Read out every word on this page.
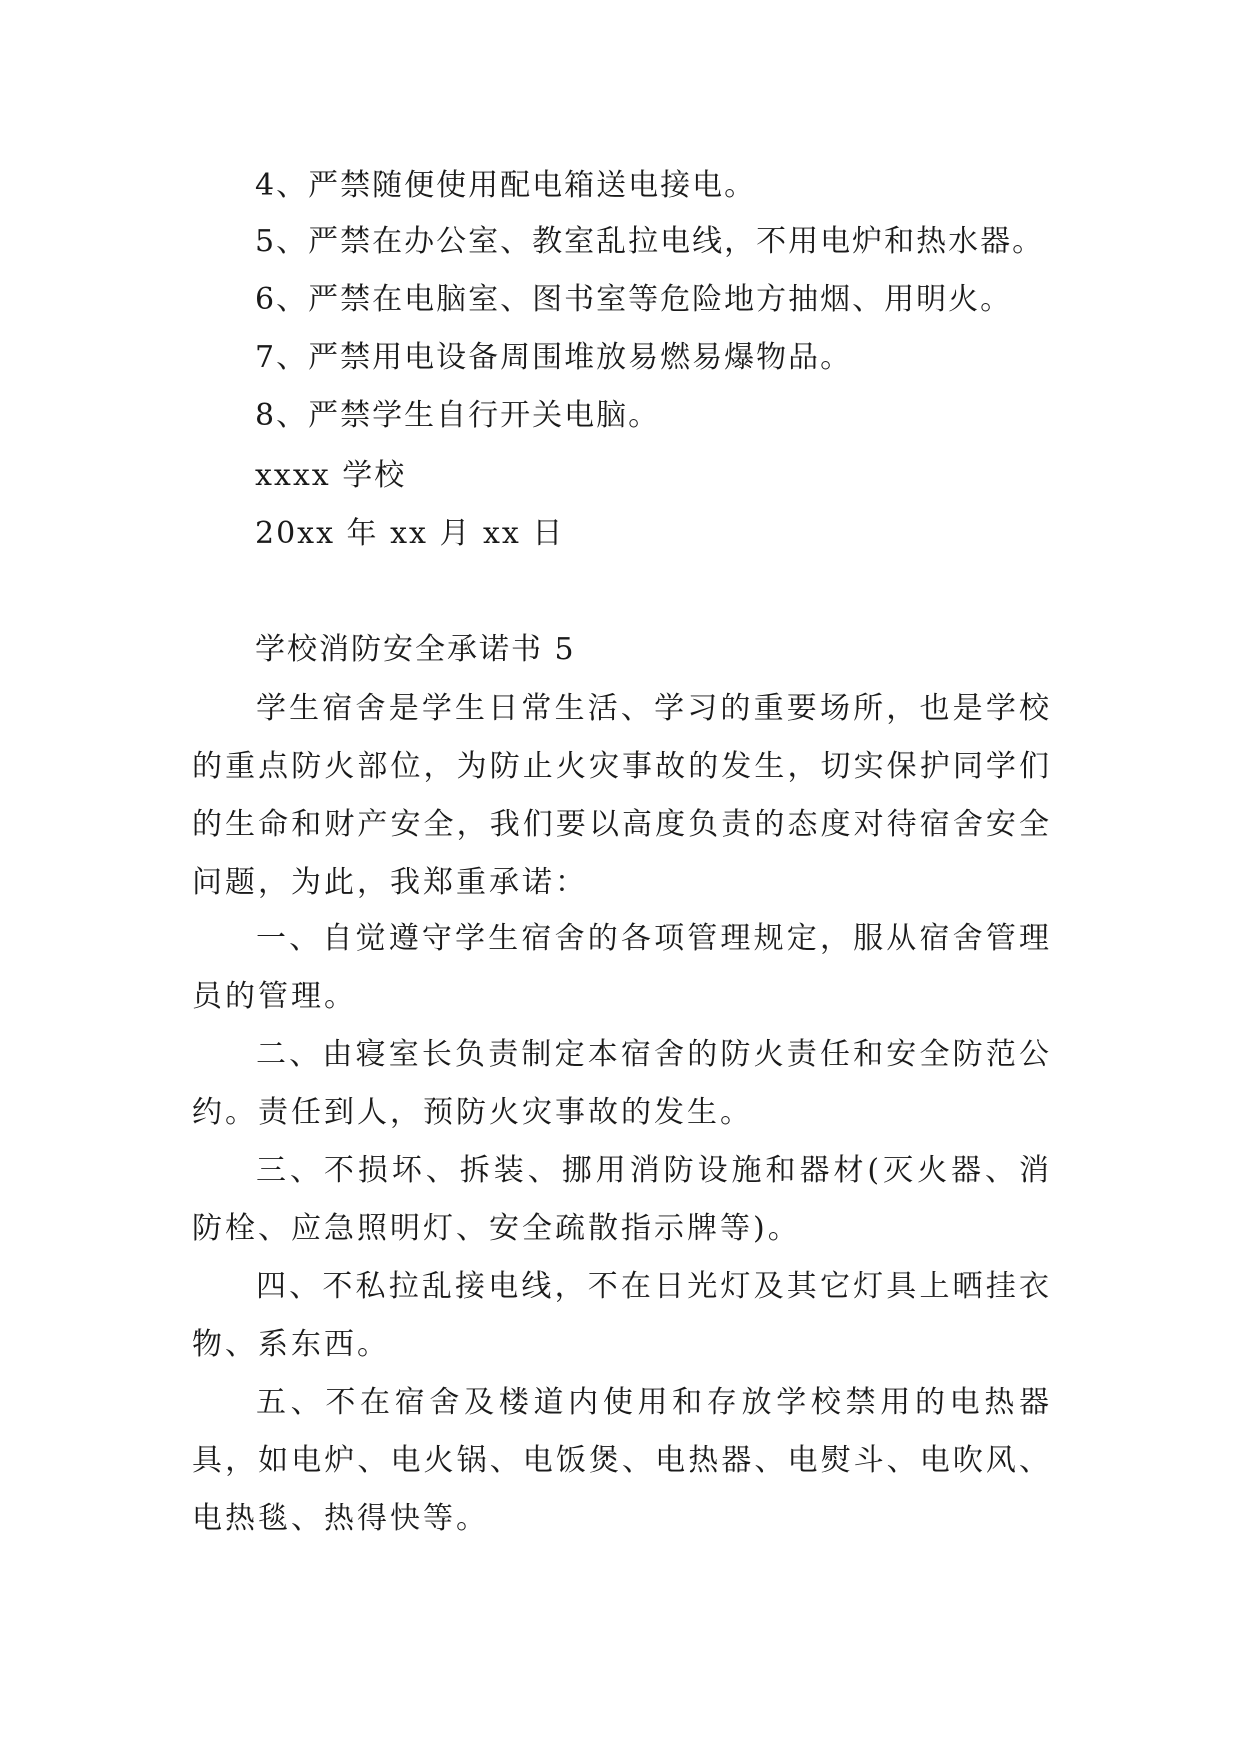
4、严禁随便使用配电箱送电接电。
5、严禁在办公室、教室乱拉电线，不用电炉和热水器。
6、严禁在电脑室、图书室等危险地方抽烟、用明火。
7、严禁用电设备周围堆放易燃易爆物品。
8、严禁学生自行开关电脑。
xxxx 学校
20xx 年 xx 月 xx 日
学校消防安全承诺书 5

学生宿舍是学生日常生活、学习的重要场所，也是学校的重点防火部位，为防止火灾事故的发生，切实保护同学们的生命和财产安全，我们要以高度负责的态度对待宿舍安全问题，为此，我郑重承诺：

一、自觉遵守学生宿舍的各项管理规定，服从宿舍管理员的管理。

二、由寝室长负责制定本宿舍的防火责任和安全防范公约。责任到人，预防火灾事故的发生。

三、不损坏、拆装、挪用消防设施和器材(灭火器、消防栓、应急照明灯、安全疏散指示牌等)。

四、不私拉乱接电线，不在日光灯及其它灯具上晒挂衣物、系东西。

五、不在宿舍及楼道内使用和存放学校禁用的电热器具，如电炉、电火锅、电饭煲、电热器、电熨斗、电吹风、电热毯、热得快等。
